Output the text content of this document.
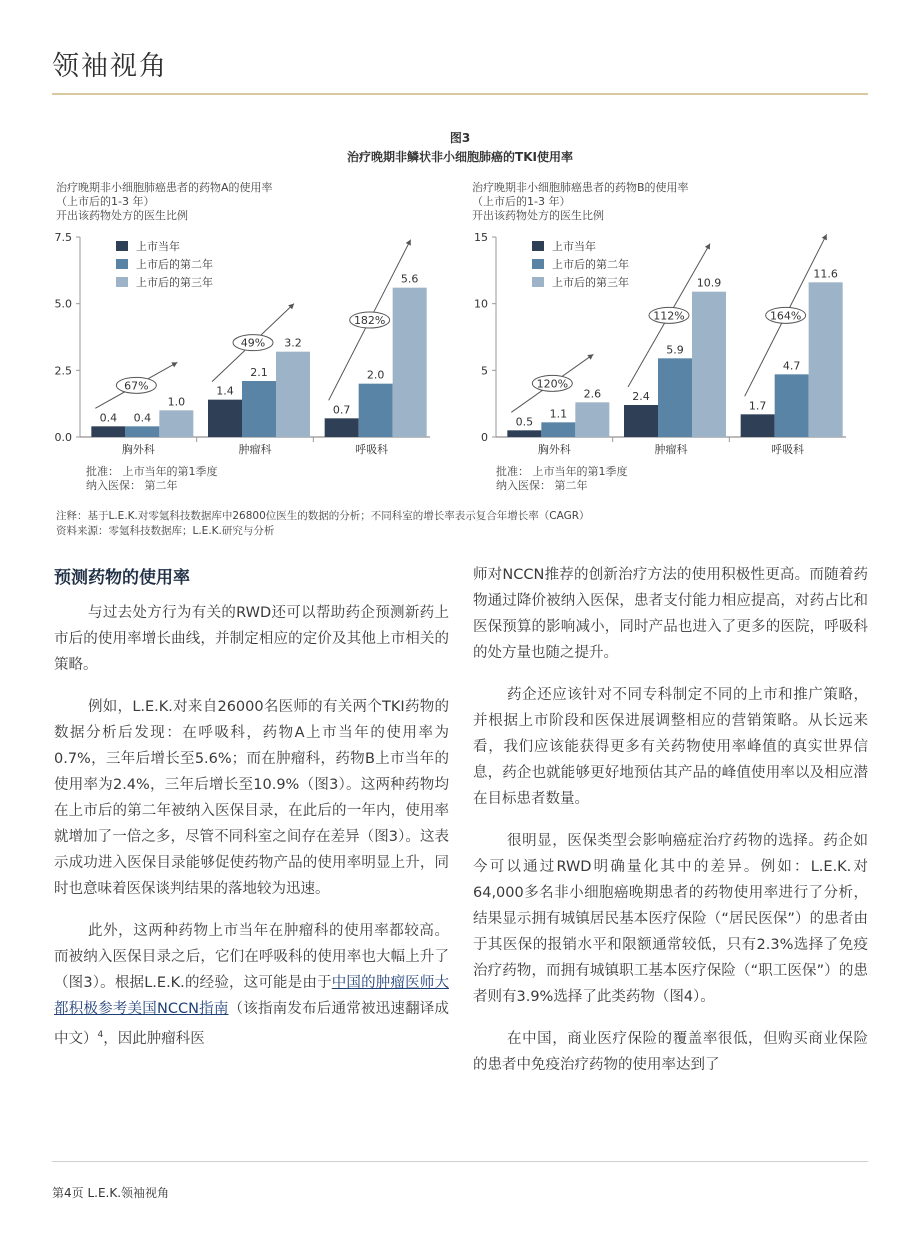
领袖视角
图3
治疗晚期非鳞状非小细胞肺癌的TKI使用率
治疗晚期非小细胞肺癌患者的药物A的使用率
（上市后的1-3 年）
开出该药物处方的医生比例
0.0
2.5
5.0
7.5
0.4 0.4
1.0
胸外科
67%	1.4
2.1
3.2
肿瘤科
49%
0.7
2.0
5.6
呼吸科
182%
上市当年
上市后的第二年
上市后的第三年
批准： 上市当年的第1季度
纳入医保： 第二年
治疗晚期非小细胞肺癌患者的药物B的使用率
（上市后的1-3 年）
开出该药物处方的医生比例
0
5
10
15
0.5
1.1
2.6
胸外科
120%
2.4
5.9
10.9
肿瘤科
112%
1.7
4.7
11.6
呼吸科
164%
上市当年
上市后的第二年
上市后的第三年
批准： 上市当年的第1季度
纳入医保： 第二年
注释：基于L.E.K.对零氪科技数据库中26800位医生的数据的分析；不同科室的增长率表示复合年增长率（CAGR）
资料来源：零氪科技数据库；L.E.K.研究与分析
预测药物的使用率

与过去处方行为有关的RWD还可以帮助药企预测新药上市后的使用率增长曲线，并制定相应的定价及其他上市相关的策略。

例如，L.E.K.对来自26000名医师的有关两个TKI药物的数据分析后发现：在呼吸科，药物A上市当年的使用率为0.7%，三年后增长至5.6%；而在肿瘤科，药物B上市当年的使用率为2.4%，三年后增长至10.9%（图3）。这两种药物均在上市后的第二年被纳入医保目录，在此后的一年内，使用率就增加了一倍之多，尽管不同科室之间存在差异（图3）。这表示成功进入医保目录能够促使药物产品的使用率明显上升，同时也意味着医保谈判结果的落地较为迅速。

此外，这两种药物上市当年在肿瘤科的使用率都较高。而被纳入医保目录之后，它们在呼吸科的使用率也大幅上升了（图3）。根据L.E.K.的经验，这可能是由于中国的肿瘤医师大都积极参考美国NCCN指南（该指南发布后通常被迅速翻译成中文）$^4$，因此肿瘤科医

师对NCCN推荐的创新治疗方法的使用积极性更高。而随着药物通过降价被纳入医保，患者支付能力相应提高，对药占比和医保预算的影响减小，同时产品也进入了更多的医院，呼吸科的处方量也随之提升。

药企还应该针对不同专科制定不同的上市和推广策略，并根据上市阶段和医保进展调整相应的营销策略。从长远来看，我们应该能获得更多有关药物使用率峰值的真实世界信息，药企也就能够更好地预估其产品的峰值使用率以及相应潜在目标患者数量。

很明显，医保类型会影响癌症治疗药物的选择。药企如今可以通过RWD明确量化其中的差异。例如：L.E.K.对64,000多名非小细胞癌晚期患者的药物使用率进行了分析，结果显示拥有城镇居民基本医疗保险（“居民医保”）的患者由于其医保的报销水平和限额通常较低，只有2.3%选择了免疫治疗药物，而拥有城镇职工基本医疗保险（“职工医保”）的患者则有3.9%选择了此类药物（图4）。

在中国，商业医疗保险的覆盖率很低，但购买商业保险的患者中免疫治疗药物的使用率达到了

第4页 L.E.K.领袖视角
